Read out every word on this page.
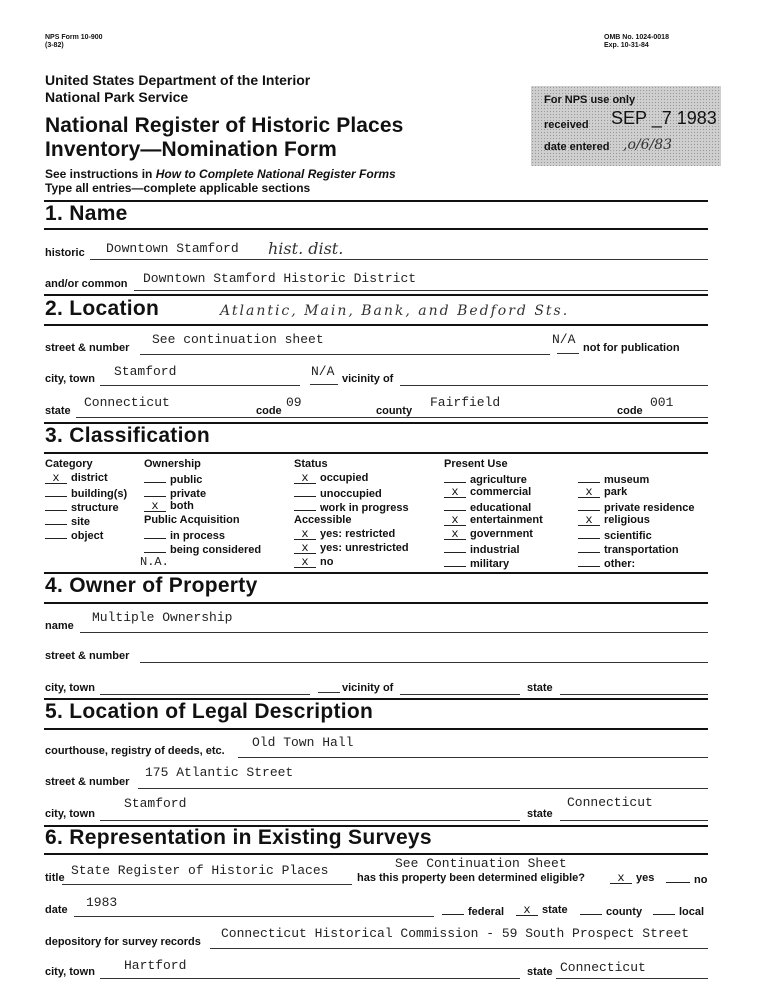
NPS Form 10-900
(3-82)
OMB No. 1024-0018
Exp. 10-31-84
United States Department of the Interior
National Park Service
National Register of Historic Places
Inventory—Nomination Form
See instructions in How to Complete National Register Forms
Type all entries—complete applicable sections
For NPS use only
received SEP _7 1983
date entered ,o/6/83
1. Name
historic Downtown Stamford hist. dist.
and/or common Downtown Stamford Historic District
2. Location	Atlantic, Main, Bank, and Bedford Sts.
street & number
See continuation sheet	N/A
not for publication
city, town Stamford	N/A vicinity of
state
Connecticut
code
09
county
Fairfield
code
001
3. Classification
Category
x district
building(s)
structure
site
object
Ownership
public
private
x both
Public Acquisition
in process
being considered
N.A.
Status
x occupied
unoccupied
work in progress
Accessible
x yes: restricted
x yes: unrestricted
x no
Present Use
agriculture
x commercial
educational
x entertainment
x government
industrial
military
museum
x park
private residence
x religious
scientific
transportation
other:
4. Owner of Property
name
Multiple Ownership
street & number
city, town	vicinity of	state
5. Location of Legal Description
courthouse, registry of deeds, etc.
Old Town Hall
street & number
175 Atlantic Street
city, town
Stamford
state
Connecticut
6. Representation in Existing Surveys
title State Register of Historic Places	See Continuation Sheet
has this property been determined eligible?	x yes	no
date 1983
federal	x state	county	local
depository for survey records
Connecticut Historical Commission - 59 South Prospect Street
city, town Hartford	state Connecticut
